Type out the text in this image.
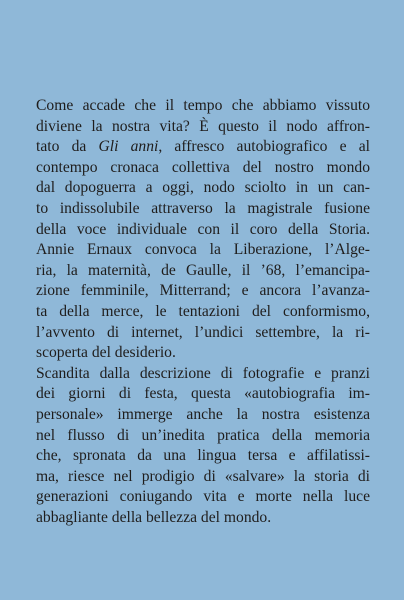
Come accade che il tempo che abbiamo vissuto
diviene la nostra vita? È questo il nodo affron-
tato da Gli anni, affresco autobiografico e al
contempo cronaca collettiva del nostro mondo
dal dopoguerra a oggi, nodo sciolto in un can-
to indissolubile attraverso la magistrale fusione
della voce individuale con il coro della Storia.
Annie Ernaux convoca la Liberazione, l’Alge-
ria, la maternità, de Gaulle, il ’68, l’emancipa-
zione femminile, Mitterrand; e ancora l’avanza-
ta della merce, le tentazioni del conformismo,
l’avvento di internet, l’undici settembre, la ri-
scoperta del desiderio.
Scandita dalla descrizione di fotografie e pranzi
dei giorni di festa, questa «autobiografia im-
personale» immerge anche la nostra esistenza
nel flusso di un’inedita pratica della memoria
che, spronata da una lingua tersa e affilatissi-
ma, riesce nel prodigio di «salvare» la storia di
generazioni coniugando vita e morte nella luce
abbagliante della bellezza del mondo.
